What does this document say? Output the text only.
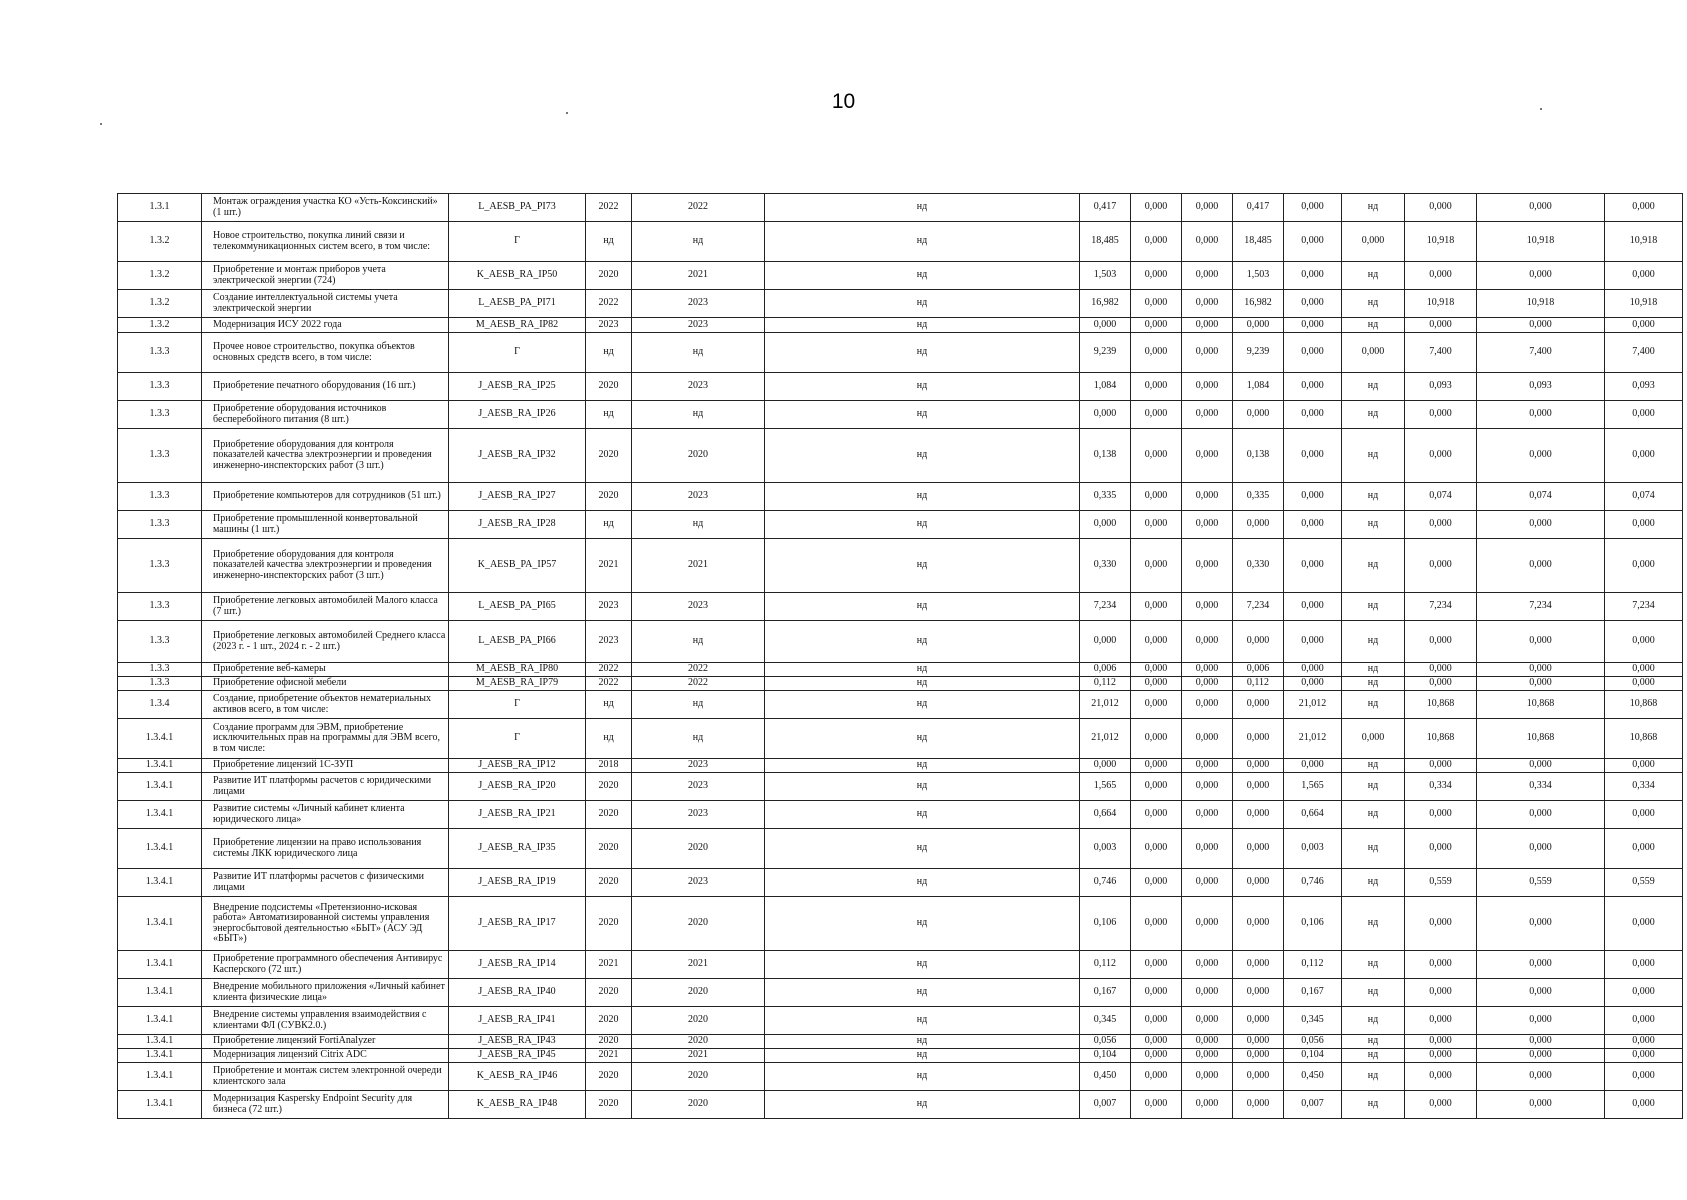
10
1.3.1	Монтаж ограждения участка КО «Усть-Коксинский» (1 шт.)	L_AESB_PA_PI73	2022	2022	нд	0,417	0,000	0,000	0,417	0,000	нд	0,000	0,000	0,000
1.3.2	Новое строительство, покупка линий связи и телекоммуникационных систем всего, в том числе:	Г	нд	нд	нд	18,485	0,000	0,000	18,485	0,000	0,000	10,918	10,918	10,918
1.3.2	Приобретение и монтаж приборов учета электрической энергии (724)	K_AESB_RA_IP50	2020	2021	нд	1,503	0,000	0,000	1,503	0,000	нд	0,000	0,000	0,000
1.3.2	Создание интеллектуальной системы учета электрической энергии	L_AESB_PA_PI71	2022	2023	нд	16,982	0,000	0,000	16,982	0,000	нд	10,918	10,918	10,918
1.3.2	Модернизация ИСУ 2022 года	M_AESB_RA_IP82	2023	2023	нд	0,000	0,000	0,000	0,000	0,000	нд	0,000	0,000	0,000
1.3.3	Прочее новое строительство, покупка объектов основных средств всего, в том числе:	Г	нд	нд	нд	9,239	0,000	0,000	9,239	0,000	0,000	7,400	7,400	7,400
1.3.3	Приобретение печатного оборудования (16 шт.)	J_AESB_RA_IP25	2020	2023	нд	1,084	0,000	0,000	1,084	0,000	нд	0,093	0,093	0,093
1.3.3	Приобретение оборудования источников бесперебойного питания (8 шт.)	J_AESB_RA_IP26	нд	нд	нд	0,000	0,000	0,000	0,000	0,000	нд	0,000	0,000	0,000
1.3.3	Приобретение оборудования для контроля показателей качества электроэнергии и проведения инженерно-инспекторских работ (3 шт.)	J_AESB_RA_IP32	2020	2020	нд	0,138	0,000	0,000	0,138	0,000	нд	0,000	0,000	0,000
1.3.3	Приобретение компьютеров для сотрудников (51 шт.)	J_AESB_RA_IP27	2020	2023	нд	0,335	0,000	0,000	0,335	0,000	нд	0,074	0,074	0,074
1.3.3	Приобретение промышленной конвертовальной машины (1 шт.)	J_AESB_RA_IP28	нд	нд	нд	0,000	0,000	0,000	0,000	0,000	нд	0,000	0,000	0,000
1.3.3	Приобретение оборудования для контроля показателей качества электроэнергии и проведения инженерно-инспекторских работ (3 шт.)	K_AESB_PA_IP57	2021	2021	нд	0,330	0,000	0,000	0,330	0,000	нд	0,000	0,000	0,000
1.3.3	Приобретение легковых автомобилей Малого класса (7 шт.)	L_AESB_PA_PI65	2023	2023	нд	7,234	0,000	0,000	7,234	0,000	нд	7,234	7,234	7,234
1.3.3	Приобретение легковых автомобилей Среднего класса (2023 г. - 1 шт., 2024 г. - 2 шт.)	L_AESB_PA_PI66	2023	нд	нд	0,000	0,000	0,000	0,000	0,000	нд	0,000	0,000	0,000
1.3.3	Приобретение веб-камеры	M_AESB_RA_IP80	2022	2022	нд	0,006	0,000	0,000	0,006	0,000	нд	0,000	0,000	0,000
1.3.3	Приобретение офисной мебели	M_AESB_RA_IP79	2022	2022	нд	0,112	0,000	0,000	0,112	0,000	нд	0,000	0,000	0,000
1.3.4	Создание, приобретение объектов нематериальных активов всего, в том числе:	Г	нд	нд	нд	21,012	0,000	0,000	0,000	21,012	нд	10,868	10,868	10,868
1.3.4.1	Создание программ для ЭВМ, приобретение исключительных прав на программы для ЭВМ всего, в том числе:	Г	нд	нд	нд	21,012	0,000	0,000	0,000	21,012	0,000	10,868	10,868	10,868
1.3.4.1	Приобретение лицензий 1С-ЗУП	J_AESB_RA_IP12	2018	2023	нд	0,000	0,000	0,000	0,000	0,000	нд	0,000	0,000	0,000
1.3.4.1	Развитие ИТ платформы расчетов с юридическими лицами	J_AESB_RA_IP20	2020	2023	нд	1,565	0,000	0,000	0,000	1,565	нд	0,334	0,334	0,334
1.3.4.1	Развитие системы «Личный кабинет клиента юридического лица»	J_AESB_RA_IP21	2020	2023	нд	0,664	0,000	0,000	0,000	0,664	нд	0,000	0,000	0,000
1.3.4.1	Приобретение лицензии на право использования системы ЛКК юридического лица	J_AESB_RA_IP35	2020	2020	нд	0,003	0,000	0,000	0,000	0,003	нд	0,000	0,000	0,000
1.3.4.1	Развитие ИТ платформы расчетов с физическими лицами	J_AESB_RA_IP19	2020	2023	нд	0,746	0,000	0,000	0,000	0,746	нд	0,559	0,559	0,559
1.3.4.1	Внедрение подсистемы «Претензионно-исковая работа» Автоматизированной системы управления энергосбытовой деятельностью «БЫТ» (АСУ ЭД «БЫТ»)	J_AESB_RA_IP17	2020	2020	нд	0,106	0,000	0,000	0,000	0,106	нд	0,000	0,000	0,000
1.3.4.1	Приобретение программного обеспечения Антивирус Касперского (72 шт.)	J_AESB_RA_IP14	2021	2021	нд	0,112	0,000	0,000	0,000	0,112	нд	0,000	0,000	0,000
1.3.4.1	Внедрение мобильного приложения «Личный кабинет клиента физические лица»	J_AESB_RA_IP40	2020	2020	нд	0,167	0,000	0,000	0,000	0,167	нд	0,000	0,000	0,000
1.3.4.1	Внедрение системы управления взаимодействия с клиентами ФЛ (СУВК2.0.)	J_AESB_RA_IP41	2020	2020	нд	0,345	0,000	0,000	0,000	0,345	нд	0,000	0,000	0,000
1.3.4.1	Приобретение лицензий FortiAnalyzer	J_AESB_RA_IP43	2020	2020	нд	0,056	0,000	0,000	0,000	0,056	нд	0,000	0,000	0,000
1.3.4.1	Модернизация лицензий Citrix ADC	J_AESB_RA_IP45	2021	2021	нд	0,104	0,000	0,000	0,000	0,104	нд	0,000	0,000	0,000
1.3.4.1	Приобретение и монтаж систем электронной очереди клиентского зала	K_AESB_RA_IP46	2020	2020	нд	0,450	0,000	0,000	0,000	0,450	нд	0,000	0,000	0,000
1.3.4.1	Модернизация Kaspersky Endpoint Security для бизнеса (72 шт.)	K_AESB_RA_IP48	2020	2020	нд	0,007	0,000	0,000	0,000	0,007	нд	0,000	0,000	0,000
